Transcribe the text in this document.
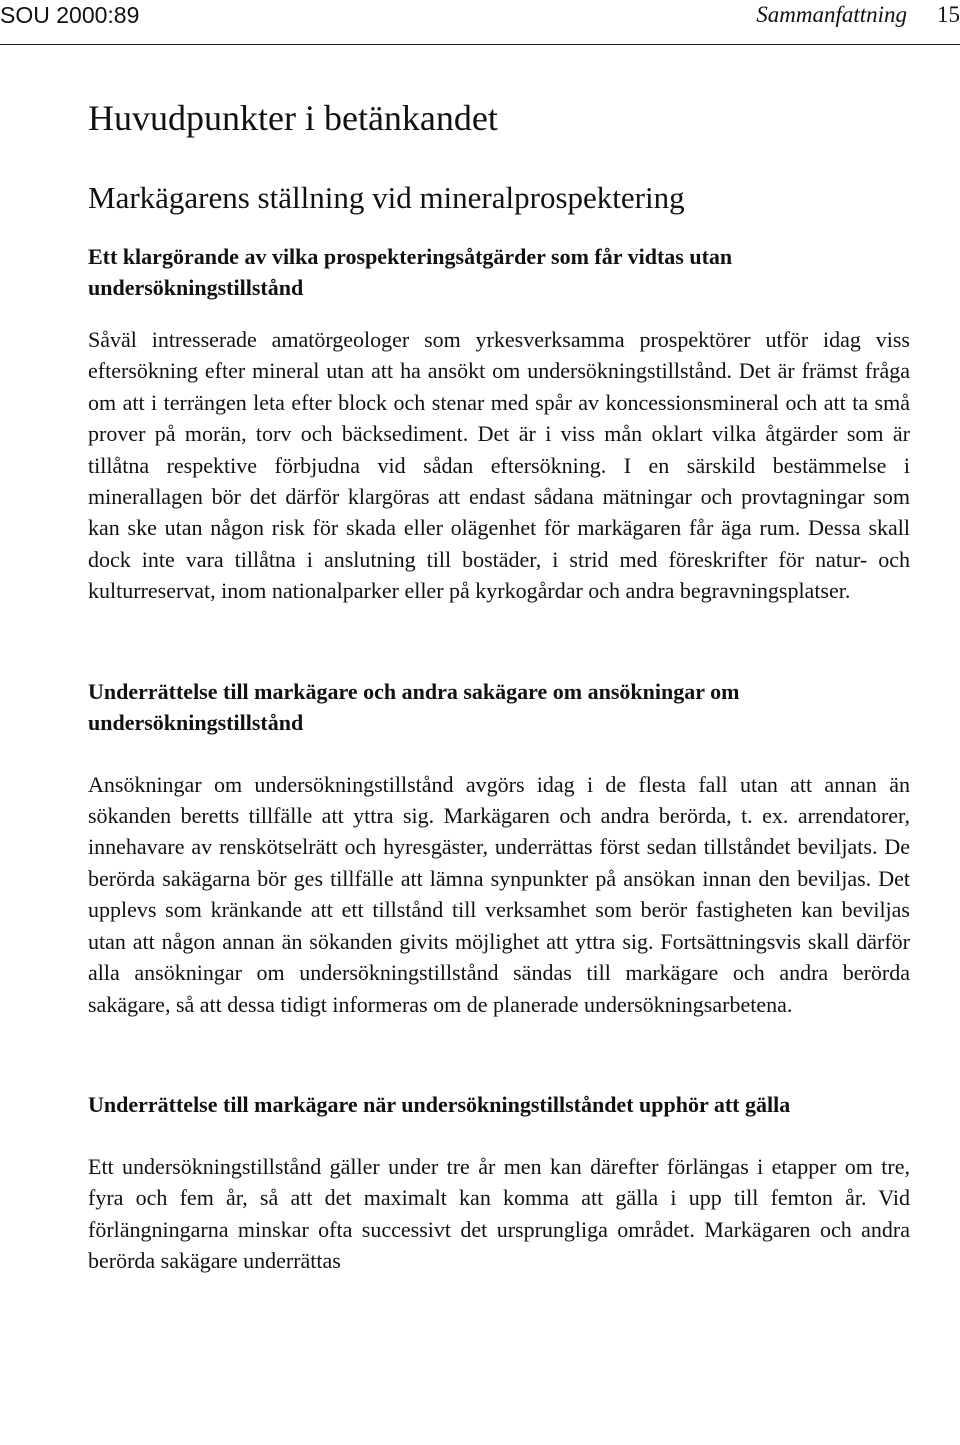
SOU 2000:89	Sammanfattning 15
Huvudpunkter i betänkandet
Markägarens ställning vid mineralprospektering
Ett klargörande av vilka prospekteringsåtgärder som får vidtas utan undersökningstillstånd

Såväl intresserade amatörgeologer som yrkesverksamma prospektörer utför idag viss eftersökning efter mineral utan att ha ansökt om undersökningstillstånd. Det är främst fråga om att i terrängen leta efter block och stenar med spår av koncessionsmineral och att ta små prover på morän, torv och bäcksediment. Det är i viss mån oklart vilka åtgärder som är tillåtna respektive förbjudna vid sådan eftersökning. I en särskild bestämmelse i minerallagen bör det därför klargöras att endast sådana mätningar och provtagningar som kan ske utan någon risk för skada eller olägenhet för markägaren får äga rum. Dessa skall dock inte vara tillåtna i anslutning till bostäder, i strid med föreskrifter för natur- och kulturreservat, inom nationalparker eller på kyrkogårdar och andra begravningsplatser.

Underrättelse till markägare och andra sakägare om ansökningar om undersökningstillstånd

Ansökningar om undersökningstillstånd avgörs idag i de flesta fall utan att annan än sökanden beretts tillfälle att yttra sig. Markägaren och andra berörda, t. ex. arrendatorer, innehavare av renskötselrätt och hyresgäster, underrättas först sedan tillståndet beviljats. De berörda sakägarna bör ges tillfälle att lämna synpunkter på ansökan innan den beviljas. Det upplevs som kränkande att ett tillstånd till verksamhet som berör fastigheten kan beviljas utan att någon annan än sökanden givits möjlighet att yttra sig. Fortsättningsvis skall därför alla ansökningar om undersökningstillstånd sändas till markägare och andra berörda sakägare, så att dessa tidigt informeras om de planerade undersökningsarbetena.

Underrättelse till markägare när undersökningstillståndet upphör att gälla

Ett undersökningstillstånd gäller under tre år men kan därefter förlängas i etapper om tre, fyra och fem år, så att det maximalt kan komma att gälla i upp till femton år. Vid förlängningarna minskar ofta successivt det ursprungliga området. Markägaren och andra berörda sakägare underrättas
